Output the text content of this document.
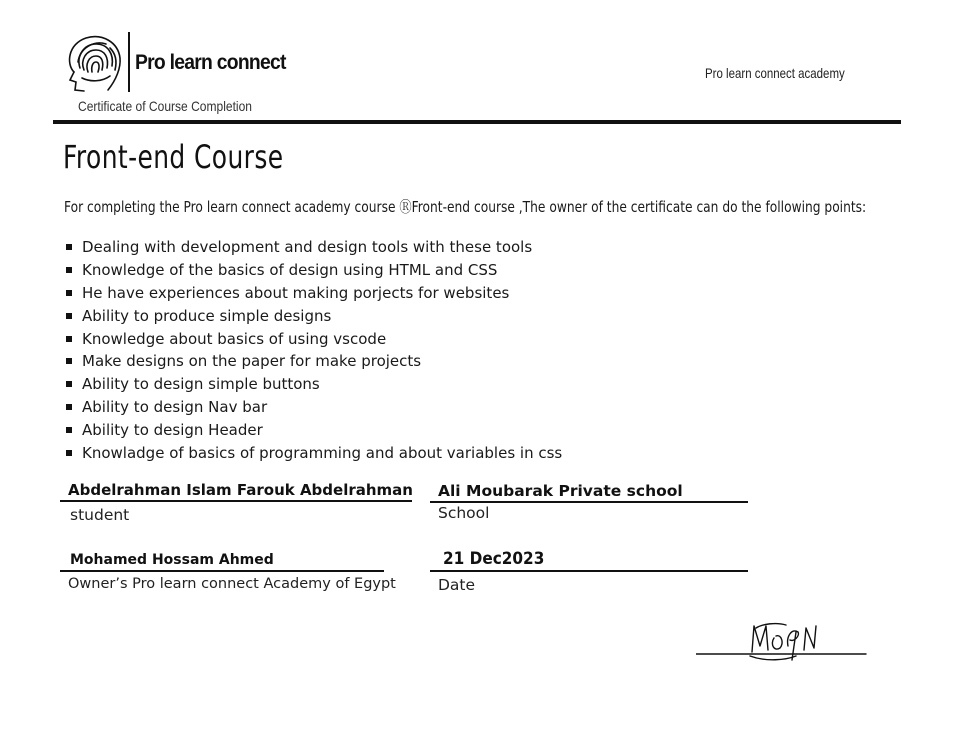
Pro learn connect
Certificate of Course Completion
Pro learn connect academy
Front-end Course
For completing the Pro learn connect academy course ⓇFront-end course ,The owner of the certificate can do the following points:
Dealing with development and design tools with these tools
Knowledge of the basics of design using HTML and CSS
He have experiences about making porjects for websites
Ability to produce simple designs
Knowledge about basics of using vscode
Make designs on the paper for make projects
Ability to design simple buttons
Ability to design Nav bar
Ability to design Header
Knowladge of basics of programming and about variables in css
Abdelrahman Islam Farouk Abdelrahman
student
Ali Moubarak Private school
School
Mohamed Hossam Ahmed
Owner’s Pro learn connect Academy of Egypt
21 Dec2023
Date
